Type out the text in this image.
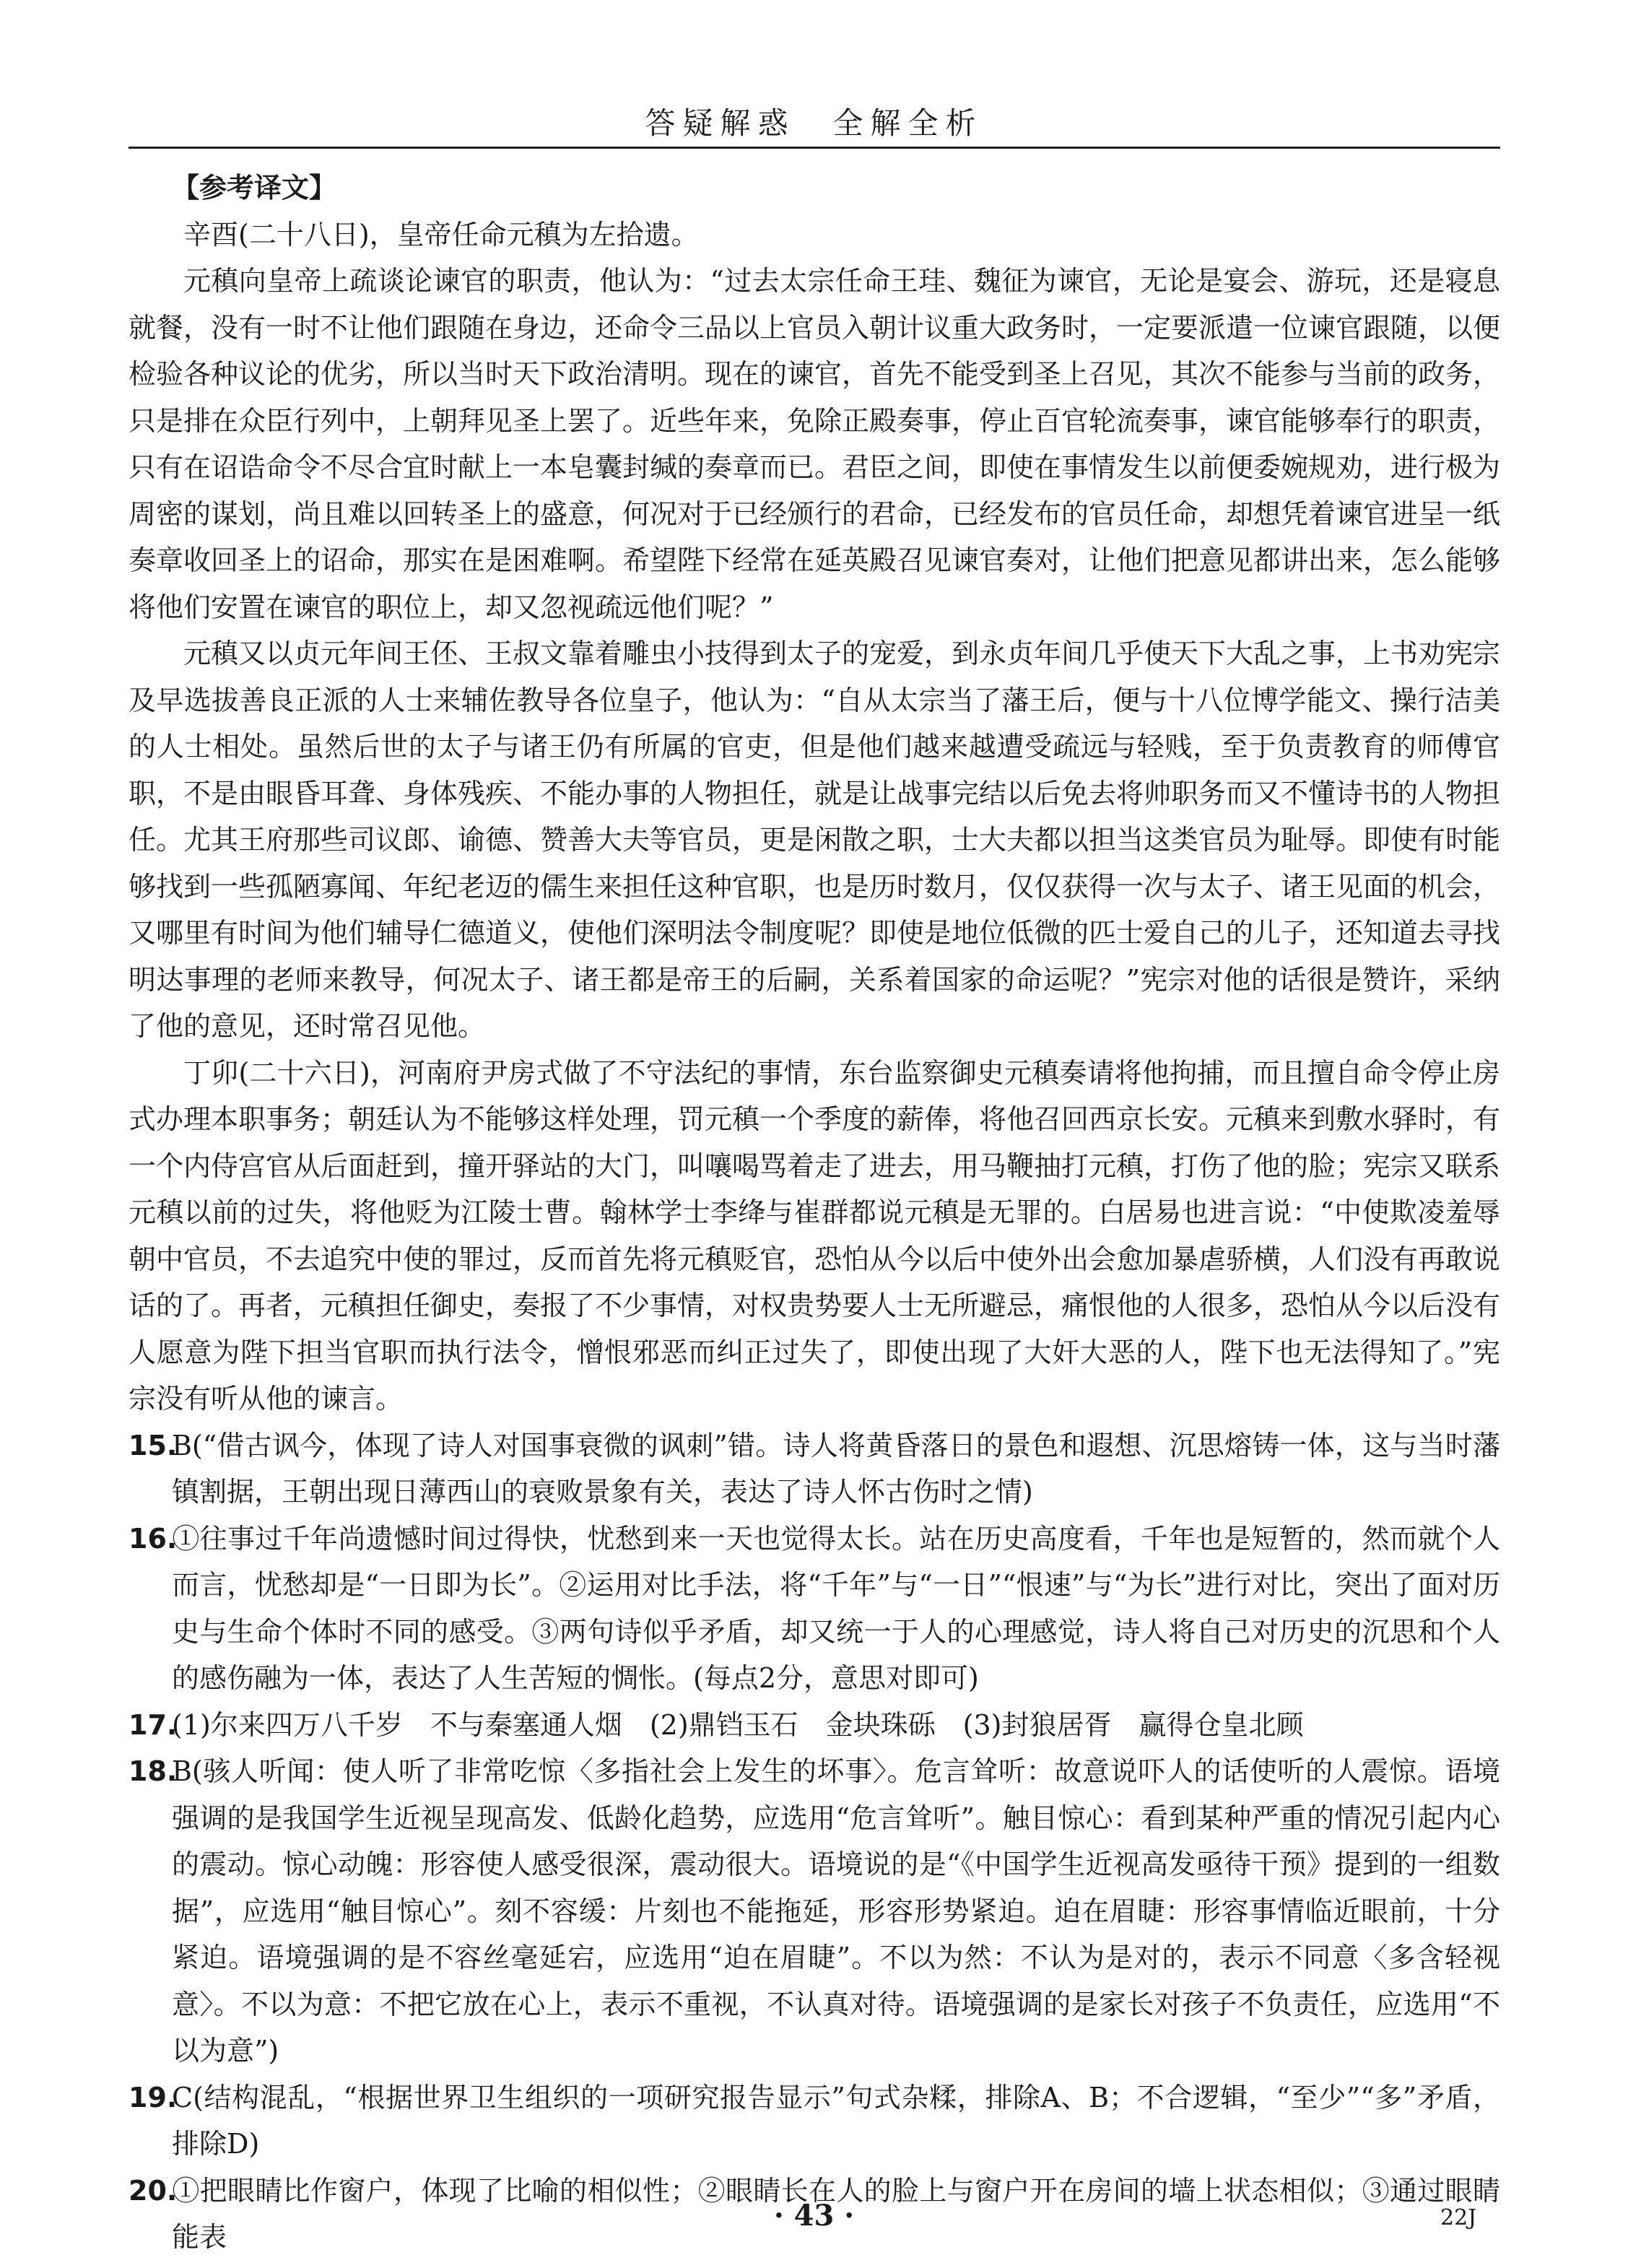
答疑解惑　全解全析

【参考译文】

辛酉(二十八日)，皇帝任命元稹为左拾遗。

元稹向皇帝上疏谈论谏官的职责，他认为：“过去太宗任命王珪、魏征为谏官，无论是宴会、游玩，还是寝息就餐，没有一时不让他们跟随在身边，还命令三品以上官员入朝计议重大政务时，一定要派遣一位谏官跟随，以便检验各种议论的优劣，所以当时天下政治清明。现在的谏官，首先不能受到圣上召见，其次不能参与当前的政务，只是排在众臣行列中，上朝拜见圣上罢了。近些年来，免除正殿奏事，停止百官轮流奏事，谏官能够奉行的职责，只有在诏诰命令不尽合宜时献上一本皂囊封缄的奏章而已。君臣之间，即使在事情发生以前便委婉规劝，进行极为周密的谋划，尚且难以回转圣上的盛意，何况对于已经颁行的君命，已经发布的官员任命，却想凭着谏官进呈一纸奏章收回圣上的诏命，那实在是困难啊。希望陛下经常在延英殿召见谏官奏对，让他们把意见都讲出来，怎么能够将他们安置在谏官的职位上，却又忽视疏远他们呢？”

元稹又以贞元年间王伾、王叔文靠着雕虫小技得到太子的宠爱，到永贞年间几乎使天下大乱之事，上书劝宪宗及早选拔善良正派的人士来辅佐教导各位皇子，他认为：“自从太宗当了藩王后，便与十八位博学能文、操行洁美的人士相处。虽然后世的太子与诸王仍有所属的官吏，但是他们越来越遭受疏远与轻贱，至于负责教育的师傅官职，不是由眼昏耳聋、身体残疾、不能办事的人物担任，就是让战事完结以后免去将帅职务而又不懂诗书的人物担任。尤其王府那些司议郎、谕德、赞善大夫等官员，更是闲散之职，士大夫都以担当这类官员为耻辱。即使有时能够找到一些孤陋寡闻、年纪老迈的儒生来担任这种官职，也是历时数月，仅仅获得一次与太子、诸王见面的机会，又哪里有时间为他们辅导仁德道义，使他们深明法令制度呢？即使是地位低微的匹士爱自己的儿子，还知道去寻找明达事理的老师来教导，何况太子、诸王都是帝王的后嗣，关系着国家的命运呢？”宪宗对他的话很是赞许，采纳了他的意见，还时常召见他。

丁卯(二十六日)，河南府尹房式做了不守法纪的事情，东台监察御史元稹奏请将他拘捕，而且擅自命令停止房式办理本职事务；朝廷认为不能够这样处理，罚元稹一个季度的薪俸，将他召回西京长安。元稹来到敷水驿时，有一个内侍宫官从后面赶到，撞开驿站的大门，叫嚷喝骂着走了进去，用马鞭抽打元稹，打伤了他的脸；宪宗又联系元稹以前的过失，将他贬为江陵士曹。翰林学士李绛与崔群都说元稹是无罪的。白居易也进言说：“中使欺凌羞辱朝中官员，不去追究中使的罪过，反而首先将元稹贬官，恐怕从今以后中使外出会愈加暴虐骄横，人们没有再敢说话的了。再者，元稹担任御史，奏报了不少事情，对权贵势要人士无所避忌，痛恨他的人很多，恐怕从今以后没有人愿意为陛下担当官职而执行法令，憎恨邪恶而纠正过失了，即使出现了大奸大恶的人，陛下也无法得知了。”宪宗没有听从他的谏言。

15.B(“借古讽今，体现了诗人对国事衰微的讽刺”错。诗人将黄昏落日的景色和遐想、沉思熔铸一体，这与当时藩镇割据，王朝出现日薄西山的衰败景象有关，表达了诗人怀古伤时之情)

16.①往事过千年尚遗憾时间过得快，忧愁到来一天也觉得太长。站在历史高度看，千年也是短暂的，然而就个人而言，忧愁却是“一日即为长”。②运用对比手法，将“千年”与“一日”“恨速”与“为长”进行对比，突出了面对历史与生命个体时不同的感受。③两句诗似乎矛盾，却又统一于人的心理感觉，诗人将自己对历史的沉思和个人的感伤融为一体，表达了人生苦短的惆怅。(每点2分，意思对即可)

17.(1)尔来四万八千岁　不与秦塞通人烟　(2)鼎铛玉石　金块珠砾　(3)封狼居胥　赢得仓皇北顾

18.B(骇人听闻：使人听了非常吃惊〈多指社会上发生的坏事〉。危言耸听：故意说吓人的话使听的人震惊。语境强调的是我国学生近视呈现高发、低龄化趋势，应选用“危言耸听”。触目惊心：看到某种严重的情况引起内心的震动。惊心动魄：形容使人感受很深，震动很大。语境说的是“《中国学生近视高发亟待干预》提到的一组数据”，应选用“触目惊心”。刻不容缓：片刻也不能拖延，形容形势紧迫。迫在眉睫：形容事情临近眼前，十分紧迫。语境强调的是不容丝毫延宕，应选用“迫在眉睫”。不以为然：不认为是对的，表示不同意〈多含轻视意〉。不以为意：不把它放在心上，表示不重视，不认真对待。语境强调的是家长对孩子不负责任，应选用“不以为意”)

19.C(结构混乱，“根据世界卫生组织的一项研究报告显示”句式杂糅，排除A、B；不合逻辑，“至少”“多”矛盾，排除D)

20.①把眼睛比作窗户，体现了比喻的相似性；②眼睛长在人的脸上与窗户开在房间的墙上状态相似；③通过眼睛能表

· 43 ·	22J
